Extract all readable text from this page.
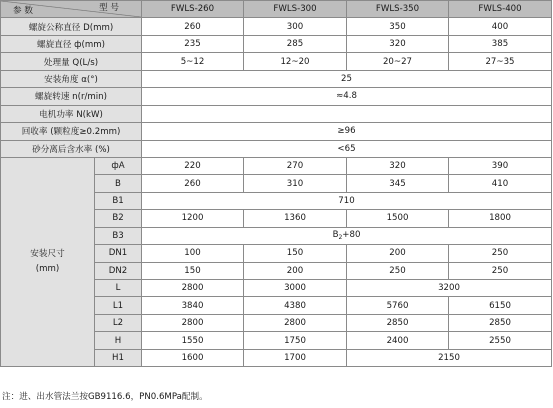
参 数 型 号		FWLS-260	FWLS-300	FWLS-350	FWLS-400
螺旋公称直径 D(mm)		260	300	350	400
螺旋直径 ф(mm)		235	285	320	385
处理量 Q(L/s)		5~12	12~20	20~27	27~35
安装角度 α(°)		25			
螺旋转速 n(r/min)		≈4.8			
电机功率 N(kW)					
回收率 (颗粒度≥0.2mm)		≥96			
砂分离后含水率 (%)		<65			

安装尺寸
(mm)	фA	220	270	320	390
	B	260	310	345	410
	B1	710			
	B2	1200	1360	1500	1800
	B3	$B_2+80$			
	DN1	100	150	200	250
	DN2	150	200	250	250
	L	2800	3000	3200	
	L1	3840	4380	5760	6150
	L2	2800	2800	2850	2850
	H	1550	1750	2400	2550
	H1	1600	1700	2150	
注：进、出水管法兰按GB9116.6，PN0.6MPa配制。
